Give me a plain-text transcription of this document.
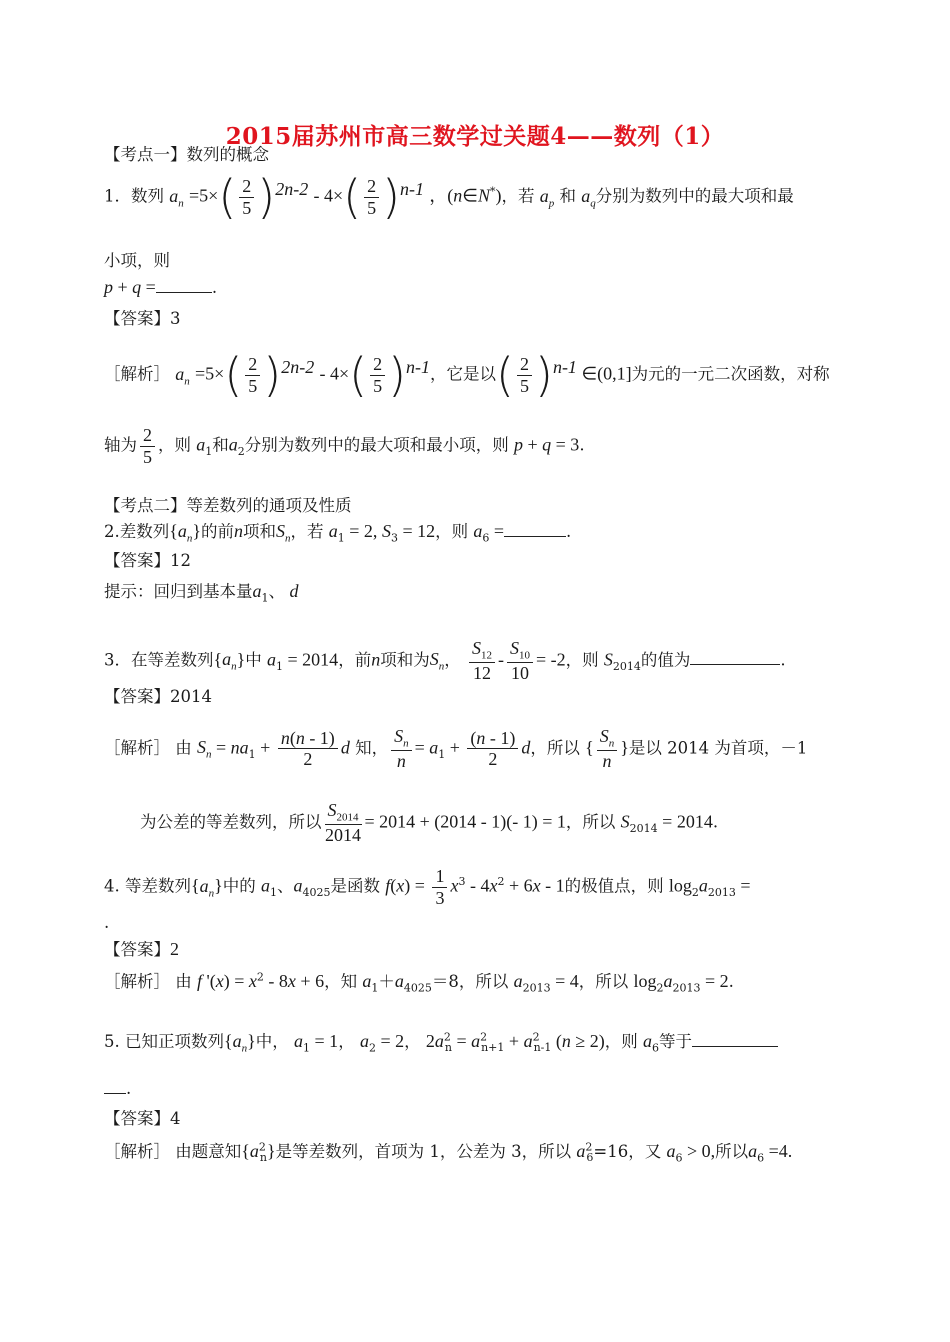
2015届苏州市高三数学过关题4——数列（1）
【考点一】数列的概念
1．数列 $a_n =5\times( \frac{2}{5} )^{2n-2} - 4\times( \frac{2}{5} )^{n-1}$ ，(n∈N*)，若 $a_p$ 和 $a_q$分别为数列中的最大项和最
小项，则
p + q =	.
【答案】3
［解析］ $a_n =5\times( \frac{2}{5} )^{2n-2} - 4\times( \frac{2}{5} )^{n-1}$，它是以( $\frac{2}{5} )^{n-1}$ ∈(0,1]为元的一元二次函数，对称
轴为 $\frac{2}{5}$ ，则 $a_1$和$a_2$分别为数列中的最大项和最小项，则 p + q = 3.
【考点二】等差数列的通项及性质
2.差数列$\{a_n\}$的前n项和$S_n$，若 $a_1 = 2$, $S_3 = 12$，则 $a_6$ =	.
【答案】12
提示：回归到基本量$a_1$、 d
3．在等差数列$\{a_n\}$中 $a_1 = 2014$，前n项和为$S_n$， $\frac{S_{12}}{12} - \frac{S_{10}}{10} = -2$，则 $S_{2014}$的值为	.
【答案】2014
［解析］ 由 $S_n = na_1 + \frac{n(n - 1)}{2}$ d 知， $\frac{S_n}{n} = a_1 + \frac{(n - 1)}{2}$ d，所以 { $\frac{S_n}{n}$ }是以 2014 为首项，－1
为公差的等差数列，所以 $\frac{S_{2014}}{2014} = 2014 + (2014 - 1)(-$ 1) = 1，所以 $S_{2014} = 2014$.
4. 等差数列$\{a_n\}$中的 $a_1$、$a_{4025}$是函数 $f(x) = \frac{1}{3} x^3 - 4x^2 + 6x - 1$的极值点，则 $\log_2a_{2013}$ =
.
【答案】2
［解析］ 由 f '$(x) = x^2 - 8x + 6$，知 $a_1+a_{4025}=8$，所以 $a_{2013} = 4$，所以 $\log_2a_{2013} = 2$.
5. 已知正项数列$\{a_n\}$中， $a_1 = 1$， $a_2 = 2$， $2a^2_n = a^2_{n+1} + a^2_{n-1}$ (n ≥ 2)，则 $a_6$等于
.
【答案】4
［解析］ 由题意知$\{a^2_n\}$是等差数列，首项为 1，公差为 3，所以 $a^2_6=16$，又 $a_6 > 0$,所以$a_6 =4$.
